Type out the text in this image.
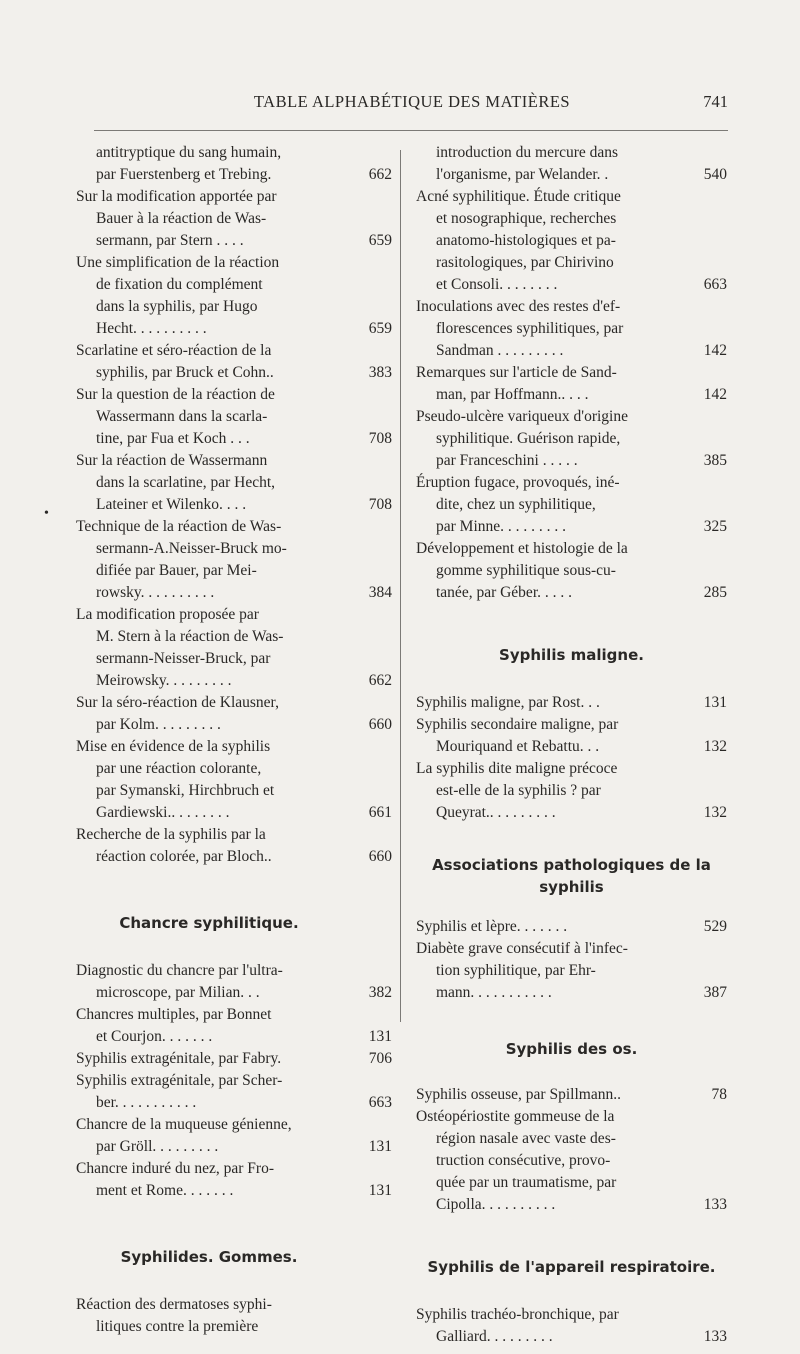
TABLE ALPHABÉTIQUE DES MATIÈRES	741
•
antitryptique du sang humain,
par Fuerstenberg et Trebing.	662
Sur la modification apportée par
Bauer à la réaction de Was-
sermann, par Stern . . . .	659
Une simplification de la réaction
de fixation du complément
dans la syphilis, par Hugo
Hecht. . . . . . . . . .	659
Scarlatine et séro-réaction de la
syphilis, par Bruck et Cohn..	383
Sur la question de la réaction de
Wassermann dans la scarla-
tine, par Fua et Koch . . .	708
Sur la réaction de Wassermann
dans la scarlatine, par Hecht,
Lateiner et Wilenko. . . .	708
Technique de la réaction de Was-
sermann-A.Neisser-Bruck mo-
difiée par Bauer, par Mei-
rowsky. . . . . . . . . .	384
La modification proposée par
M. Stern à la réaction de Was-
sermann-Neisser-Bruck, par
Meirowsky. . . . . . . . .	662
Sur la séro-réaction de Klausner,
par Kolm. . . . . . . . .	660
Mise en évidence de la syphilis
par une réaction colorante,
par Symanski, Hirchbruch et
Gardiewski.. . . . . . . .	661
Recherche de la syphilis par la
réaction colorée, par Bloch..	660
Chancre syphilitique.
Diagnostic du chancre par l'ultra-
microscope, par Milian. . .	382
Chancres multiples, par Bonnet
et Courjon. . . . . . .	131
Syphilis extragénitale, par Fabry.	706
Syphilis extragénitale, par Scher-
ber. . . . . . . . . . .	663
Chancre de la muqueuse génienne,
par Gröll. . . . . . . . .	131
Chancre induré du nez, par Fro-
ment et Rome. . . . . . .	131
Syphilides. Gommes.
Réaction des dermatoses syphi-
litiques contre la première
introduction du mercure dans
l'organisme, par Welander. .	540
Acné syphilitique. Étude critique
et nosographique, recherches
anatomo-histologiques et pa-
rasitologiques, par Chirivino
et Consoli. . . . . . . .	663
Inoculations avec des restes d'ef-
florescences syphilitiques, par
Sandman . . . . . . . . .	142
Remarques sur l'article de Sand-
man, par Hoffmann.. . . .	142
Pseudo-ulcère variqueux d'origine
syphilitique. Guérison rapide,
par Franceschini . . . . .	385
Éruption fugace, provoqués, iné-
dite, chez un syphilitique,
par Minne. . . . . . . . .	325
Développement et histologie de la
gomme syphilitique sous-cu-
tanée, par Géber. . . . .	285
Syphilis maligne.
Syphilis maligne, par Rost. . .	131
Syphilis secondaire maligne, par
Mouriquand et Rebattu. . .	132
La syphilis dite maligne précoce
est-elle de la syphilis ? par
Queyrat.. . . . . . . . .	132
Associations pathologiques de la
syphilis
Syphilis et lèpre. . . . . . .	529
Diabète grave consécutif à l'infec-
tion syphilitique, par Ehr-
mann. . . . . . . . . . .	387
Syphilis des os.
Syphilis osseuse, par Spillmann..	78
Ostéopériostite gommeuse de la
région nasale avec vaste des-
truction consécutive, provo-
quée par un traumatisme, par
Cipolla. . . . . . . . . .	133
Syphilis de l'appareil respiratoire.
Syphilis trachéo-bronchique, par
Galliard. . . . . . . . .	133
